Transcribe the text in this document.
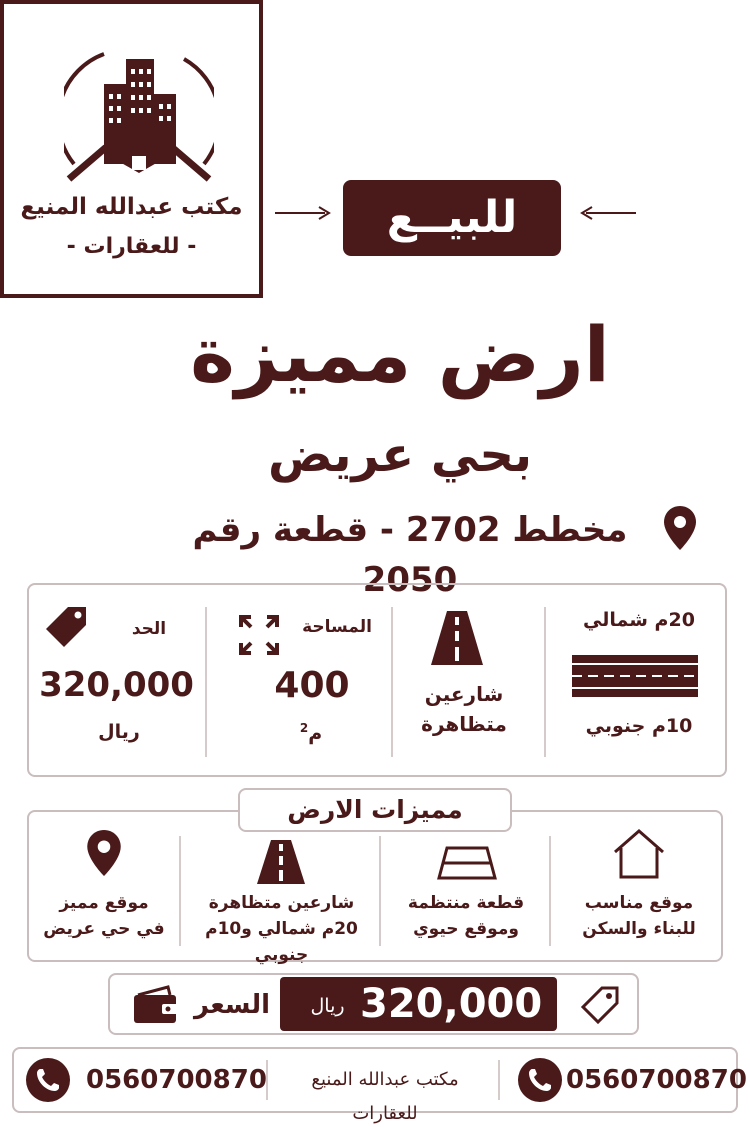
مكتب عبدالله المنيع
- للعقارات -
للبيــع
ارض مميزة
بحي عريض
مخطط 2702 - قطعة رقم 2050
20م شمالي
10م جنوبي
شارعين
متظاهرة
المساحة
400
م$^2$
الحد
320,000
ريال
مميزات الارض
موقع مناسب
للبناء والسكن
قطعة منتظمة
وموقع حيوي
شارعين متظاهرة
20م شمالي و10م جنوبي
موقع مميز
في حي عريض
320,000
ريال
السعر
0560700870
مكتب عبدالله المنيع للعقارات
0560700870
